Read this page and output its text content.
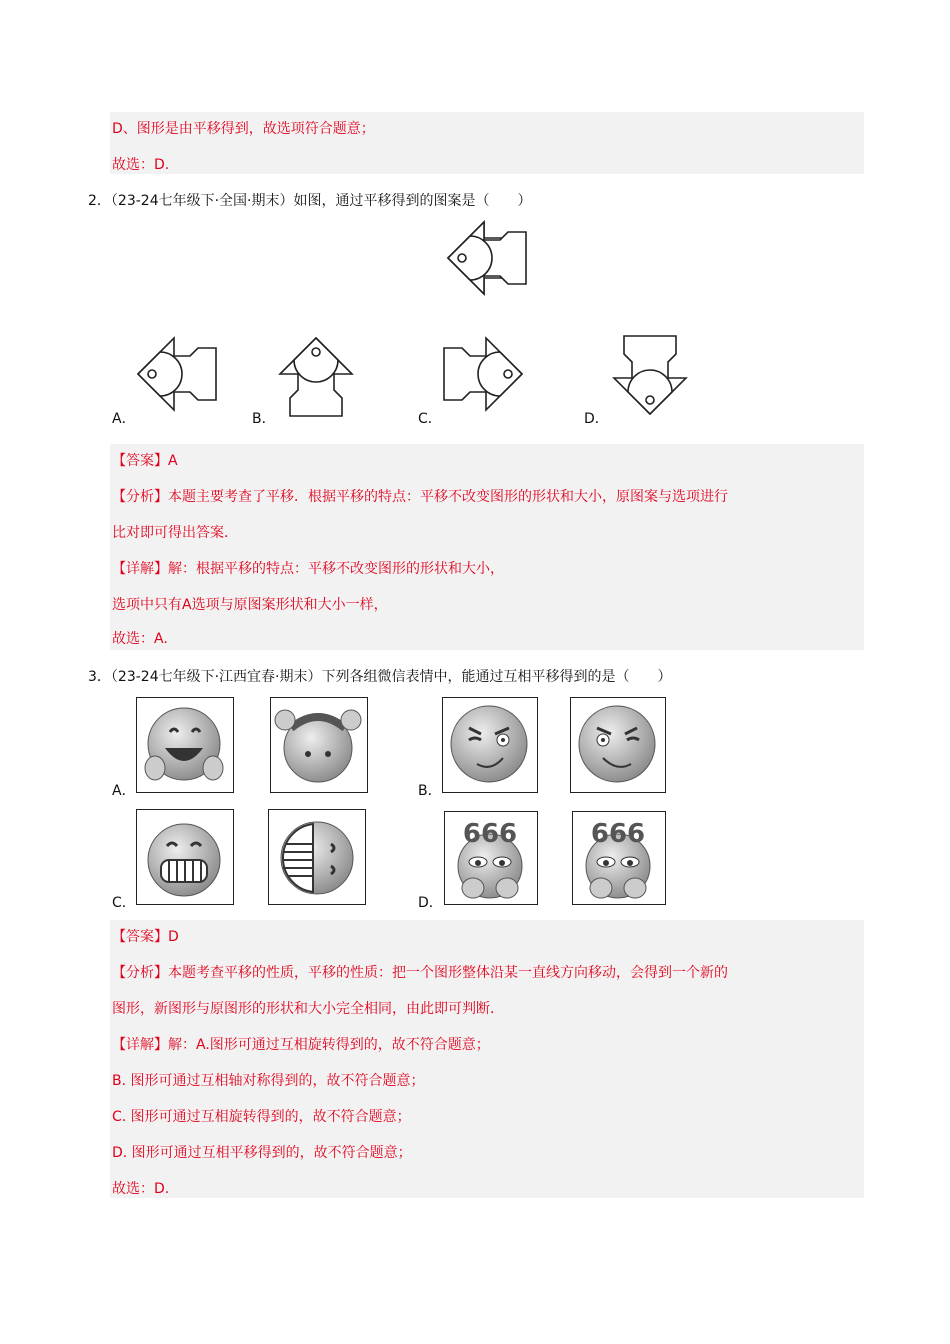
D、图形是由平移得到，故选项符合题意；
故选：D.
2．（23-24七年级下·全国·期末）如图，通过平移得到的图案是（　　）
A．	B．	C．	D．
【答案】A
【分析】本题主要考查了平移．根据平移的特点：平移不改变图形的形状和大小，原图案与选项进行
比对即可得出答案．
【详解】解：根据平移的特点：平移不改变图形的形状和大小，
选项中只有A选项与原图案形状和大小一样，
故选：A.
3．（23-24七年级下·江西宜春·期末）下列各组微信表情中，能通过互相平移得到的是（　　）
A．	B．
C．
666	666
D．
【答案】D
【分析】本题考查平移的性质，平移的性质：把一个图形整体沿某一直线方向移动，会得到一个新的
图形，新图形与原图形的形状和大小完全相同，由此即可判断．
【详解】解：A.图形可通过互相旋转得到的，故不符合题意；
B. 图形可通过互相轴对称得到的，故不符合题意；
C. 图形可通过互相旋转得到的，故不符合题意；
D. 图形可通过互相平移得到的，故不符合题意；
故选：D.
